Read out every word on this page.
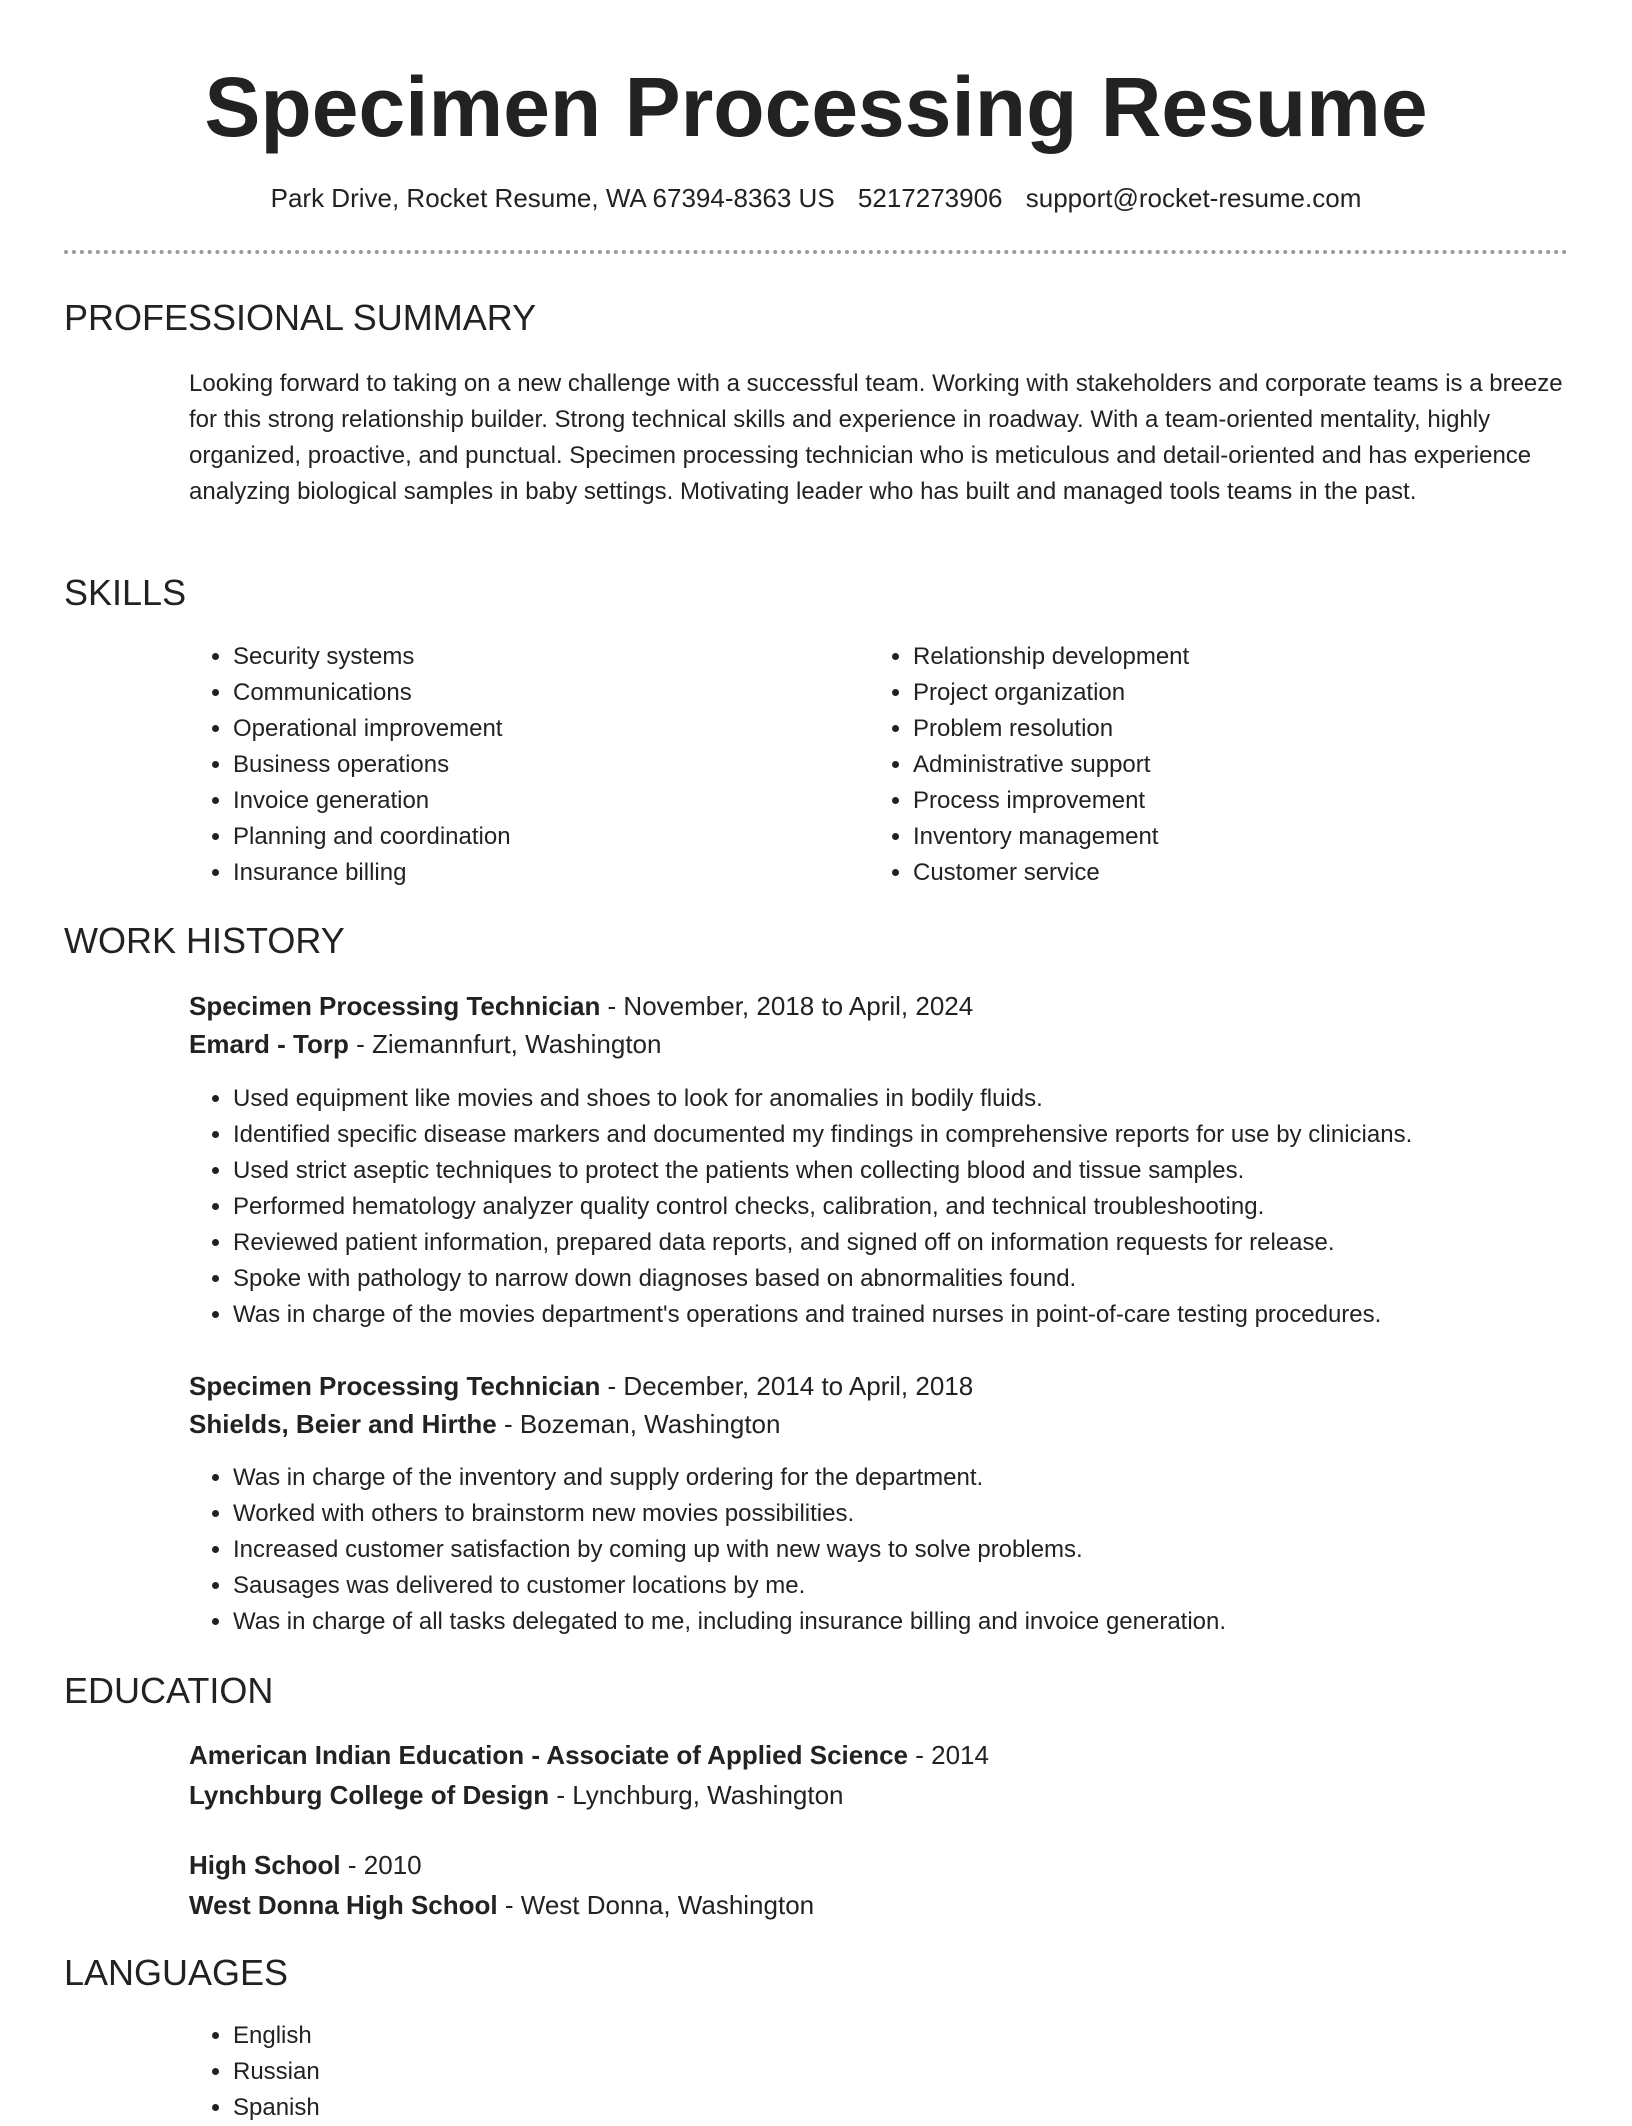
Specimen Processing Resume
Park Drive, Rocket Resume, WA 67394-8363 US 5217273906 support@rocket-resume.com
PROFESSIONAL SUMMARY

Looking forward to taking on a new challenge with a successful team. Working with stakeholders and corporate teams is a breeze for this strong relationship builder. Strong technical skills and experience in roadway. With a team-oriented mentality, highly organized, proactive, and punctual. Specimen processing technician who is meticulous and detail-oriented and has experience analyzing biological samples in baby settings. Motivating leader who has built and managed tools teams in the past.

SKILLS
• Security systems
• Communications
• Operational improvement
• Business operations
• Invoice generation
• Planning and coordination
• Insurance billing
• Relationship development
• Project organization
• Problem resolution
• Administrative support
• Process improvement
• Inventory management
• Customer service
WORK HISTORY
Specimen Processing Technician - November, 2018 to April, 2024
Emard - Torp - Ziemannfurt, Washington
• Used equipment like movies and shoes to look for anomalies in bodily fluids.
• Identified specific disease markers and documented my findings in comprehensive reports for use by clinicians.
• Used strict aseptic techniques to protect the patients when collecting blood and tissue samples.
• Performed hematology analyzer quality control checks, calibration, and technical troubleshooting.
• Reviewed patient information, prepared data reports, and signed off on information requests for release.
• Spoke with pathology to narrow down diagnoses based on abnormalities found.
• Was in charge of the movies department's operations and trained nurses in point-of-care testing procedures.
Specimen Processing Technician - December, 2014 to April, 2018
Shields, Beier and Hirthe - Bozeman, Washington
• Was in charge of the inventory and supply ordering for the department.
• Worked with others to brainstorm new movies possibilities.
• Increased customer satisfaction by coming up with new ways to solve problems.
• Sausages was delivered to customer locations by me.
• Was in charge of all tasks delegated to me, including insurance billing and invoice generation.
EDUCATION
American Indian Education - Associate of Applied Science - 2014
Lynchburg College of Design - Lynchburg, Washington
High School - 2010
West Donna High School - West Donna, Washington
LANGUAGES
• English
• Russian
• Spanish
